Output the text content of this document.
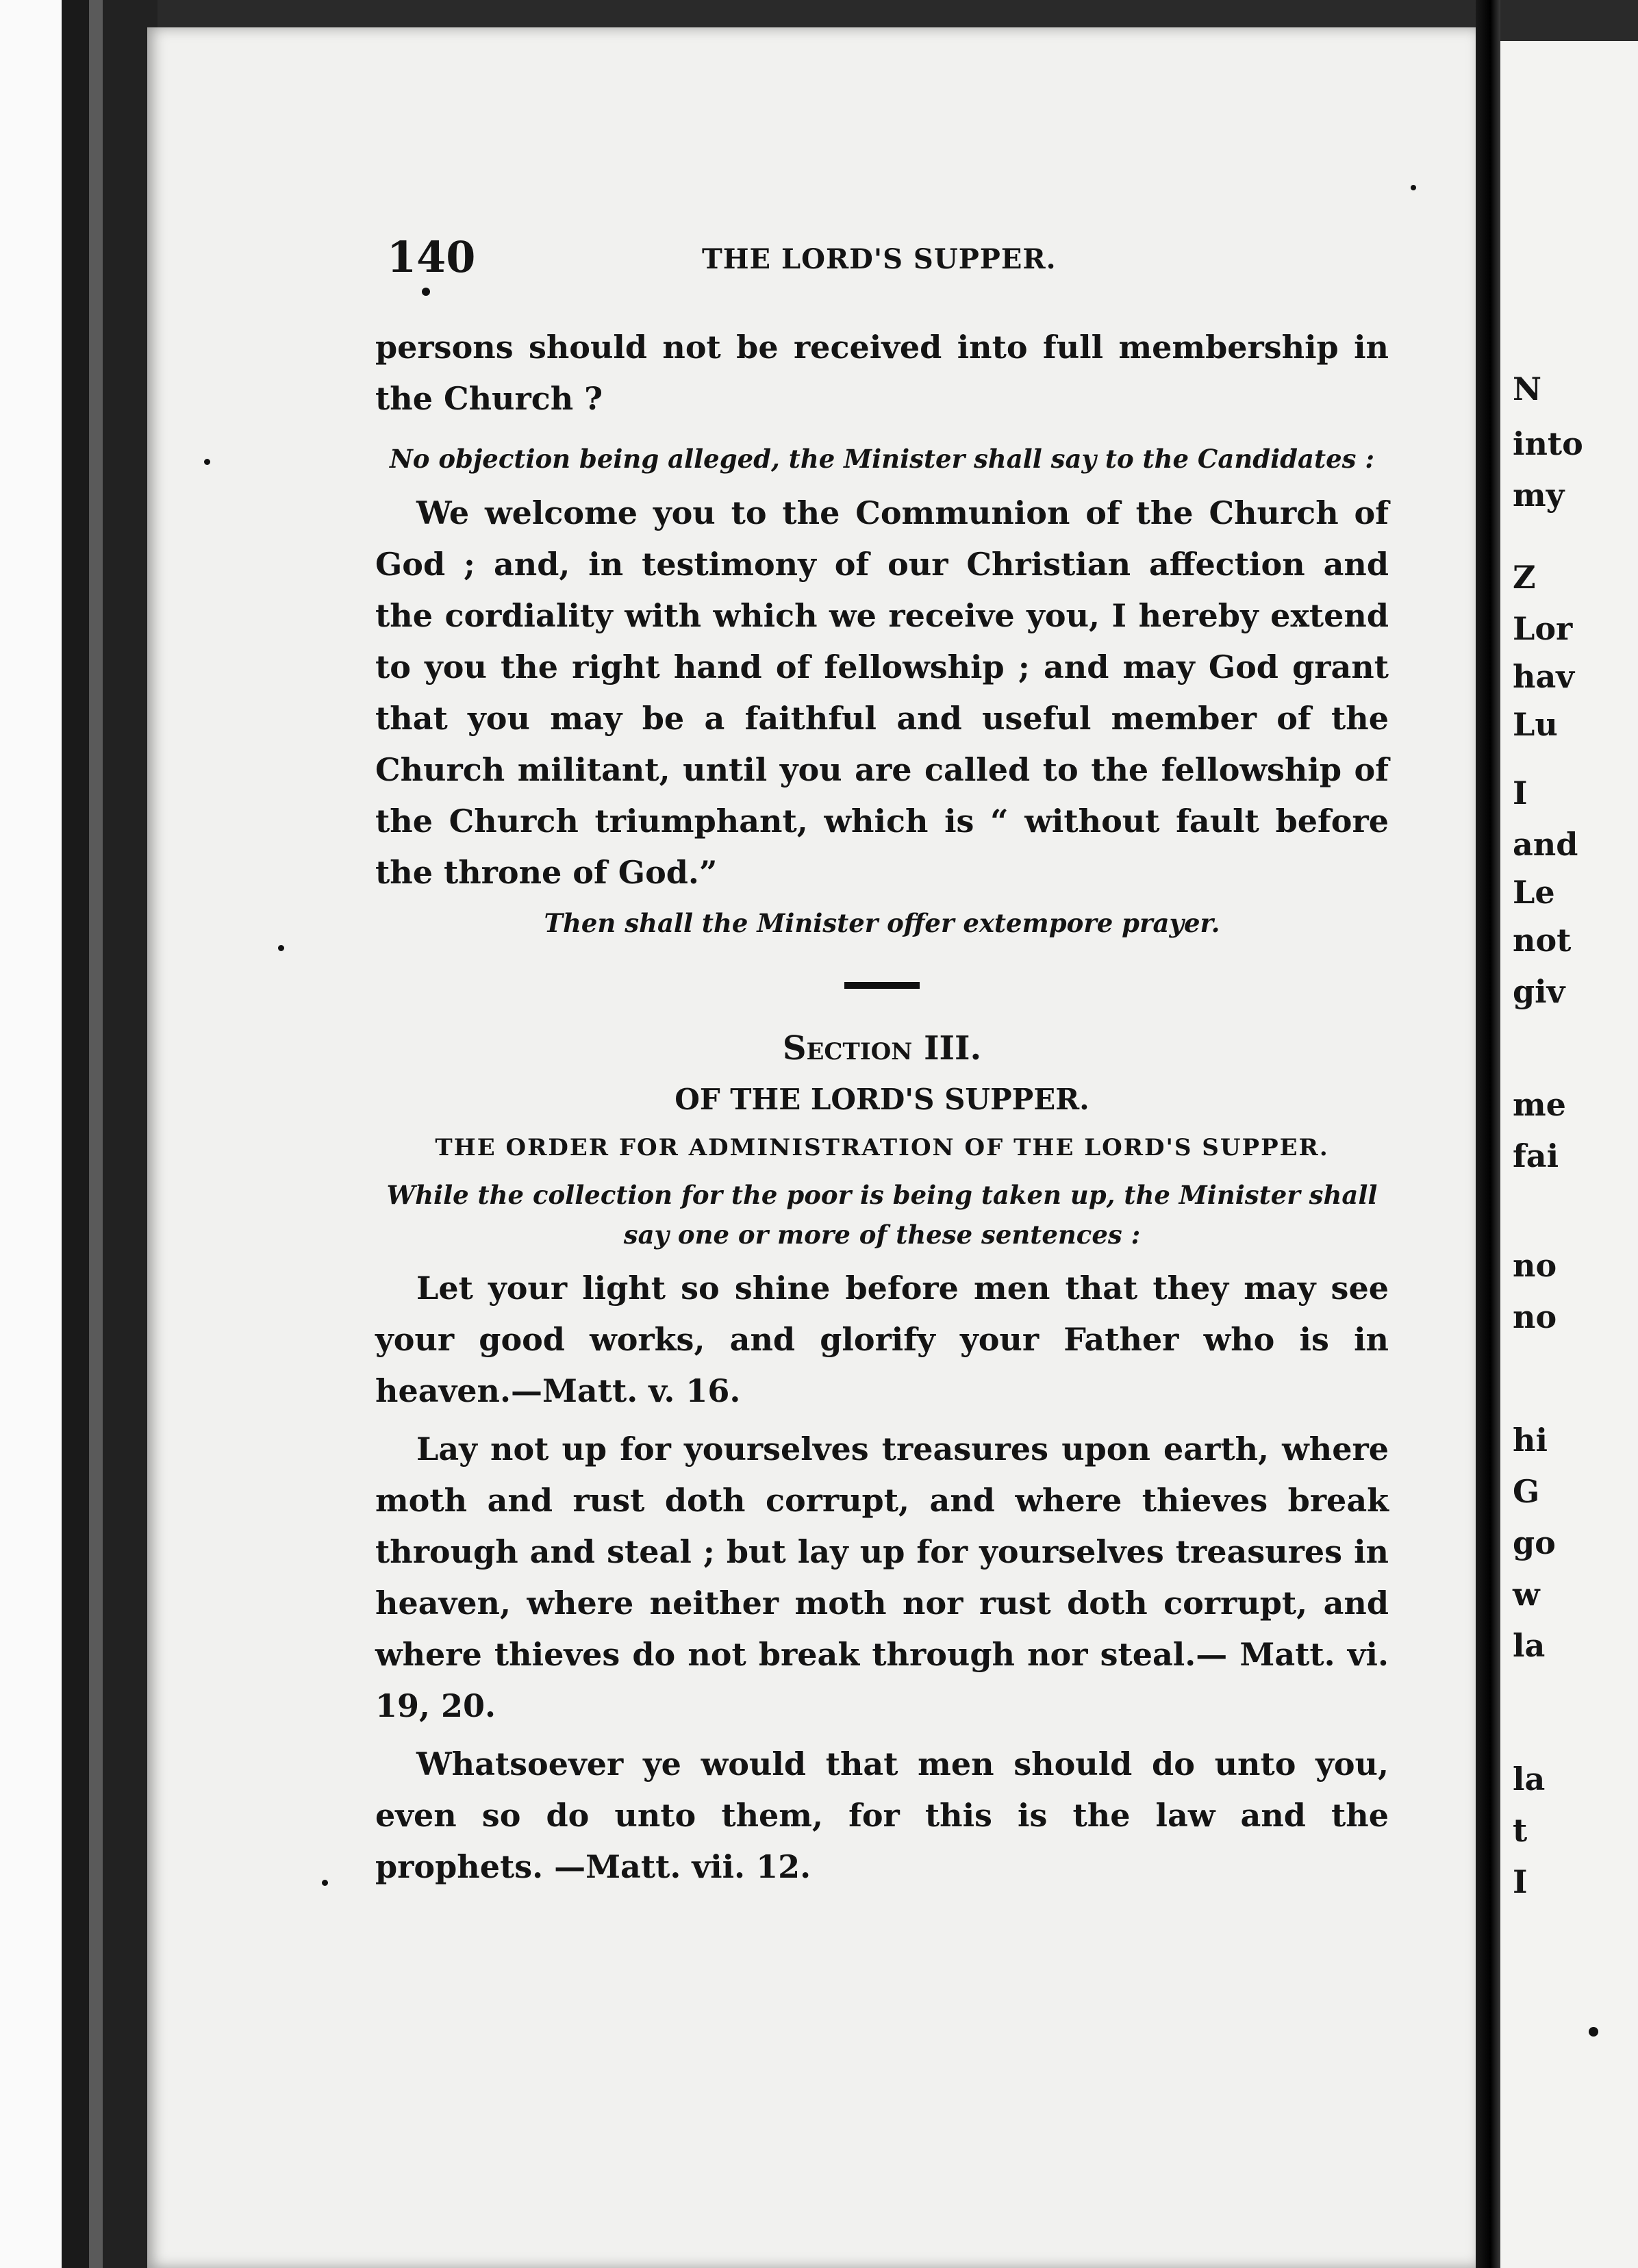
N
into
my
Z
Lor
hav
Lu
I
and
Le
not
giv
me
fai
no
no
hi
G
go
w
la
la
t
I
140	THE LORD'S SUPPER.

persons should not be received into full membership in the Church ?

No objection being alleged, the Minister shall say to the Candidates :

We welcome you to the Communion of the Church of God ; and, in testimony of our Christian affection and the cordiality with which we receive you, I hereby extend to you the right hand of fellowship ; and may God grant that you may be a faithful and useful member of the Church militant, until you are called to the fellowship of the Church triumphant, which is “ without fault before the throne of God.”

Then shall the Minister offer extempore prayer.

Section III.

OF THE LORD'S SUPPER.

THE ORDER FOR ADMINISTRATION OF THE LORD'S SUPPER.

While the collection for the poor is being taken up, the Minister shall say one or more of these sentences :

Let your light so shine before men that they may see your good works, and glorify your Father who is in heaven.—Matt. v. 16.

Lay not up for yourselves treasures upon earth, where moth and rust doth corrupt, and where thieves break through and steal ; but lay up for yourselves treasures in heaven, where neither moth nor rust doth corrupt, and where thieves do not break through nor steal.— Matt. vi. 19, 20.

Whatsoever ye would that men should do unto you, even so do unto them, for this is the law and the prophets. —Matt. vii. 12.
